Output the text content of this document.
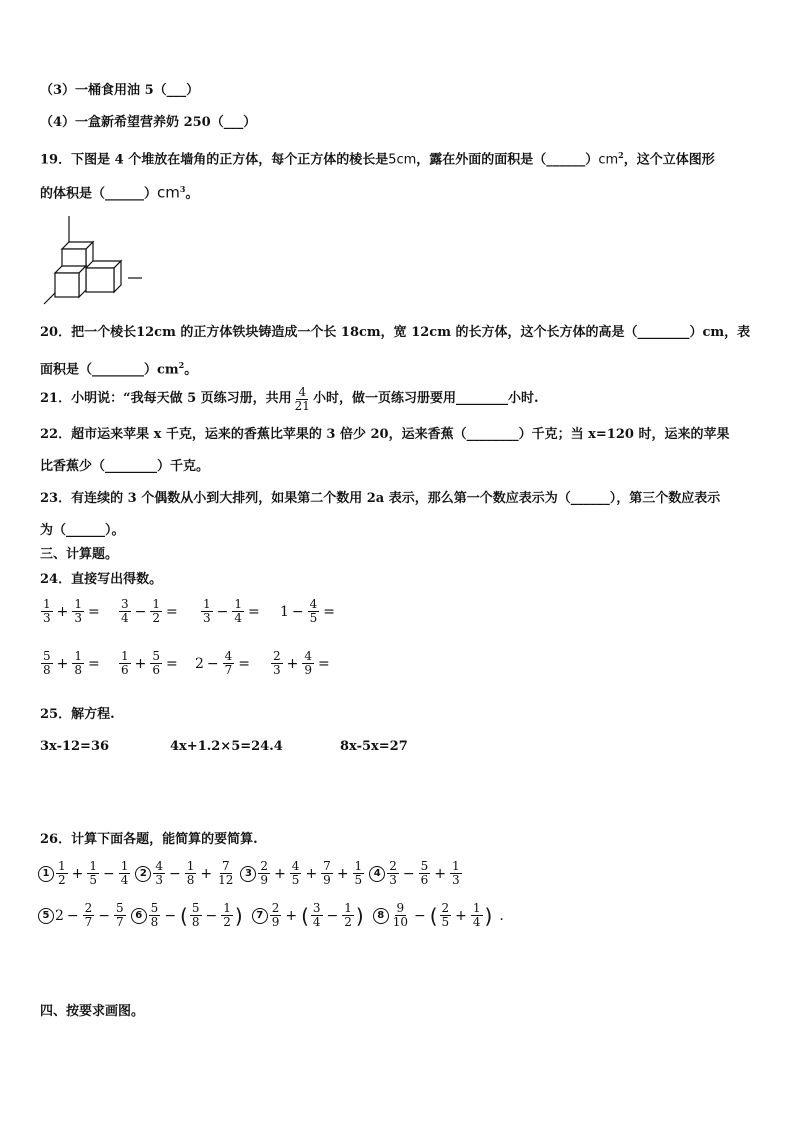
（3）一桶食用油 5（___）
（4）一盒新希望营养奶 250（___）
19．下图是 4 个堆放在墙角的正方体，每个正方体的棱长是5cm，露在外面的面积是$(\_\_\_\_\_\_)cm^2$，这个立体图形
的体积是$(\_\_\_\_\_\_)cm^3$。
20．把一个棱长12cm 的正方体铁块铸造成一个长 18cm，宽 12cm 的长方体，这个长方体的高是（________）cm，表
面积是$(\_\_\_\_\_\_\_\_)cm^2$。
21．小明说：“我每天做 5 页练习册，共用 $\frac{4}{21}$ 小时，做一页练习册要用________小时.
22．超市运来苹果 x 千克，运来的香蕉比苹果的 3 倍少 20，运来香蕉（________）千克；当 x=120 时，运来的苹果
比香蕉少（________）千克。
23．有连续的 3 个偶数从小到大排列，如果第二个数用 2a 表示，那么第一个数应表示为（______），第三个数应表示
为（______）。
三、计算题。
24．直接写出得数。
$\frac{1}{3} + \frac{1}{3} = \frac{3}{4} - \frac{1}{2} = \frac{1}{3} - \frac{1}{4} = 1 - \frac{4}{5}$ =
$\frac{5}{8} + \frac{1}{8} = \frac{1}{6} + \frac{5}{6} = 2 - \frac{4}{7} = \frac{2}{3} + \frac{4}{9}$ =
25．解方程.
3x-12=36	4x+1.2×5=24.4	8x-5x=27
26．计算下面各题，能简算的要简算.
$1 \frac{1}{2} + \frac{1}{5} - \frac{1}{4} 2 \frac{4}{3} - \frac{1}{8} + \frac{7}{12} 3 \frac{2}{9} + \frac{4}{5} + \frac{7}{9} + \frac{1}{5} 4 \frac{2}{3} - \frac{5}{6} + \frac{1}{3}$
5 $2 - \frac{2}{7} - \frac{5}{7} 6 \frac{5}{8}$ − ( $\frac{5}{8} - \frac{1}{2}$ )	$7 \frac{2}{9}$ + ( $\frac{3}{4} - \frac{1}{2}$ )	$8 \frac{9}{10}$ − ( $\frac{2}{5} + \frac{1}{4}$ ) .
四、按要求画图。
